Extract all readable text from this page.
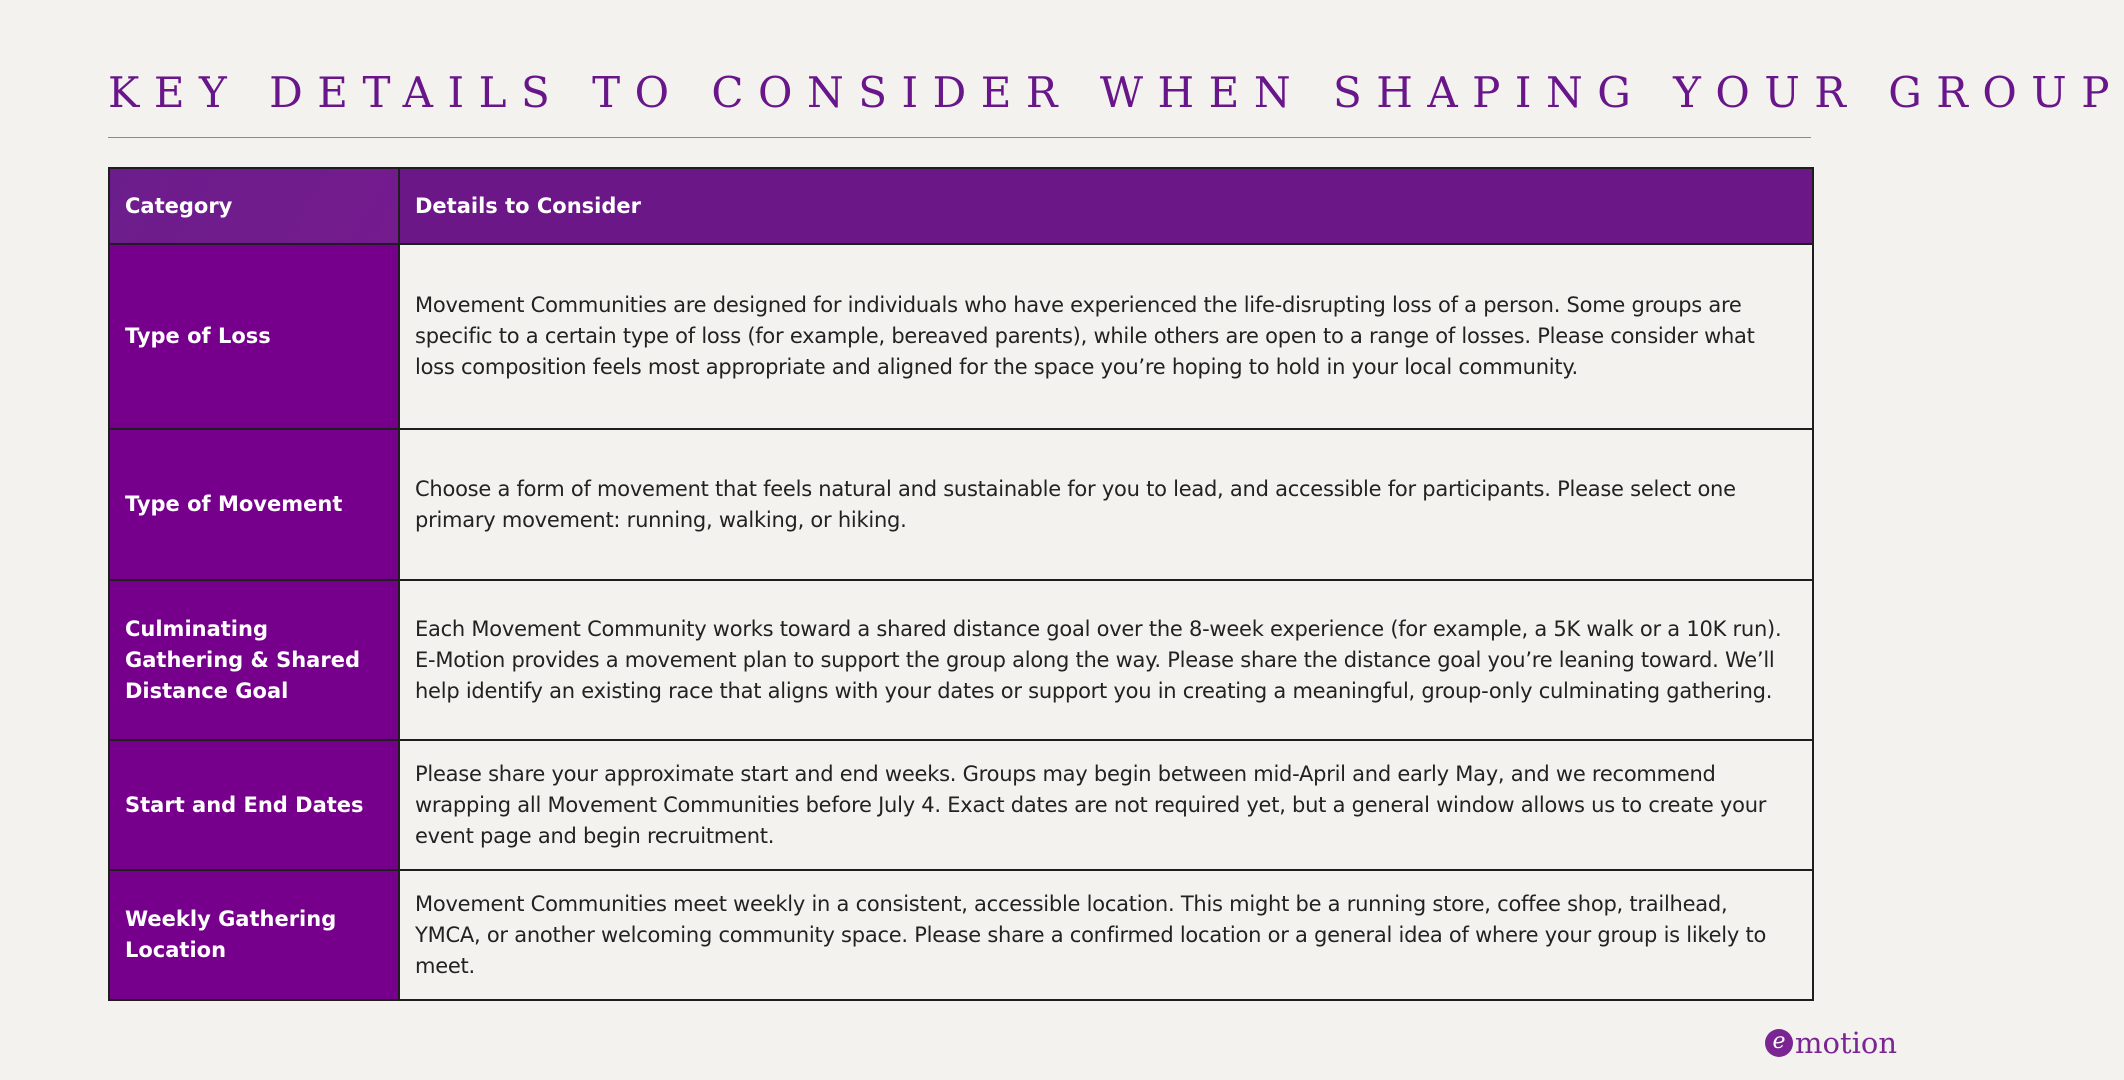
KEY DETAILS TO CONSIDER WHEN SHAPING YOUR GROUP
Category	Details to Consider
Type of Loss	Movement Communities are designed for individuals who have experienced the life-disrupting loss of a person. Some groups are specific to a certain type of loss (for example, bereaved parents), while others are open to a range of losses. Please consider what loss composition feels most appropriate and aligned for the space you’re hoping to hold in your local community.
Type of Movement	Choose a form of movement that feels natural and sustainable for you to lead, and accessible for participants. Please select one primary movement: running, walking, or hiking.
Culminating Gathering & Shared Distance Goal	Each Movement Community works toward a shared distance goal over the 8-week experience (for example, a 5K walk or a 10K run). E-Motion provides a movement plan to support the group along the way. Please share the distance goal you’re leaning toward. We’ll help identify an existing race that aligns with your dates or support you in creating a meaningful, group-only culminating gathering.
Start and End Dates	Please share your approximate start and end weeks. Groups may begin between mid-April and early May, and we recommend wrapping all Movement Communities before July 4. Exact dates are not required yet, but a general window allows us to create your event page and begin recruitment.
Weekly Gathering Location	Movement Communities meet weekly in a consistent, accessible location. This might be a running store, coffee shop, trailhead, YMCA, or another welcoming community space. Please share a confirmed location or a general idea of where your group is likely to meet.
e motion
